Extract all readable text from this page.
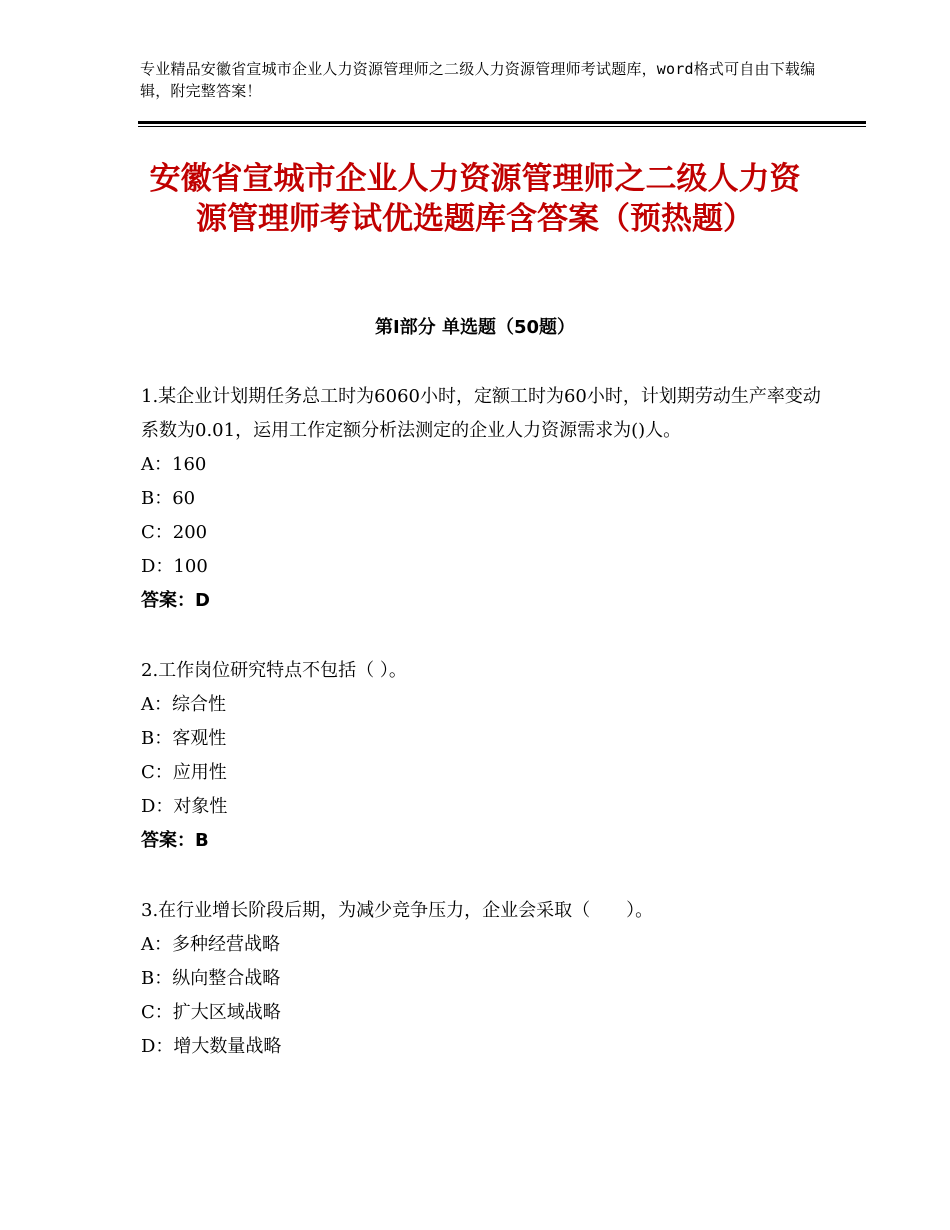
专业精品安徽省宣城市企业人力资源管理师之二级人力资源管理师考试题库，word格式可自由下载编辑，附完整答案！
安徽省宣城市企业人力资源管理师之二级人力资源管理师考试优选题库含答案（预热题）
第Ⅰ部分 单选题（50题）

1.某企业计划期任务总工时为6060小时，定额工时为60小时，计划期劳动生产率变动系数为0.01，运用工作定额分析法测定的企业人力资源需求为()人。

A：160

B：60

C：200

D：100

答案：D

2.工作岗位研究特点不包括（ ）。

A：综合性

B：客观性

C：应用性

D：对象性

答案：B

3.在行业增长阶段后期，为减少竞争压力，企业会采取（　　）。

A：多种经营战略

B：纵向整合战略

C：扩大区域战略

D：增大数量战略
